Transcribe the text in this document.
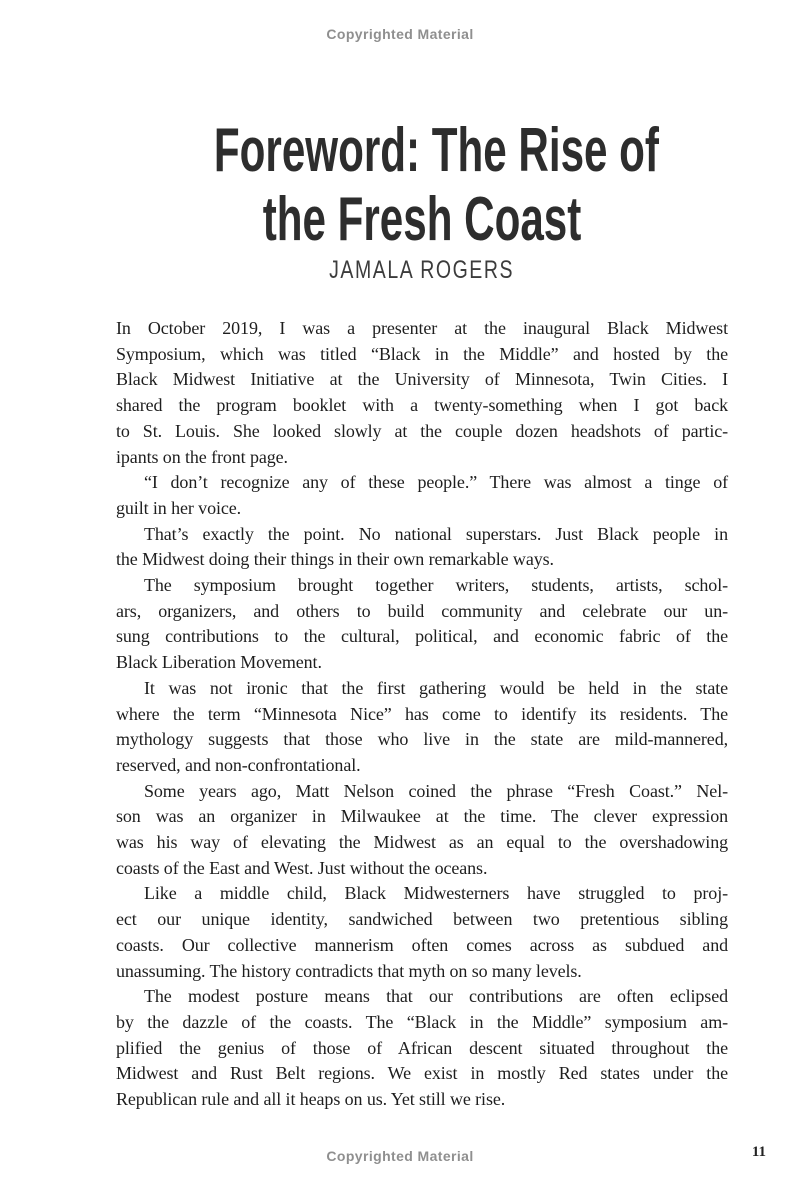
Copyrighted Material
Foreword: The Rise of
the Fresh Coast
JAMALA ROGERS
In October 2019, I was a presenter at the inaugural Black Midwest
Symposium, which was titled “Black in the Middle” and hosted by the
Black Midwest Initiative at the University of Minnesota, Twin Cities. I
shared the program booklet with a twenty-something when I got back
to St. Louis. She looked slowly at the couple dozen headshots of partic-
ipants on the front page.
“I don’t recognize any of these people.” There was almost a tinge of
guilt in her voice.
That’s exactly the point. No national superstars. Just Black people in
the Midwest doing their things in their own remarkable ways.
The symposium brought together writers, students, artists, schol-
ars, organizers, and others to build community and celebrate our un-
sung contributions to the cultural, political, and economic fabric of the
Black Liberation Movement.
It was not ironic that the first gathering would be held in the state
where the term “Minnesota Nice” has come to identify its residents. The
mythology suggests that those who live in the state are mild-mannered,
reserved, and non-confrontational.
Some years ago, Matt Nelson coined the phrase “Fresh Coast.” Nel-
son was an organizer in Milwaukee at the time. The clever expression
was his way of elevating the Midwest as an equal to the overshadowing
coasts of the East and West. Just without the oceans.
Like a middle child, Black Midwesterners have struggled to proj-
ect our unique identity, sandwiched between two pretentious sibling
coasts. Our collective mannerism often comes across as subdued and
unassuming. The history contradicts that myth on so many levels.
The modest posture means that our contributions are often eclipsed
by the dazzle of the coasts. The “Black in the Middle” symposium am-
plified the genius of those of African descent situated throughout the
Midwest and Rust Belt regions. We exist in mostly Red states under the
Republican rule and all it heaps on us. Yet still we rise.
Copyrighted Material	11
